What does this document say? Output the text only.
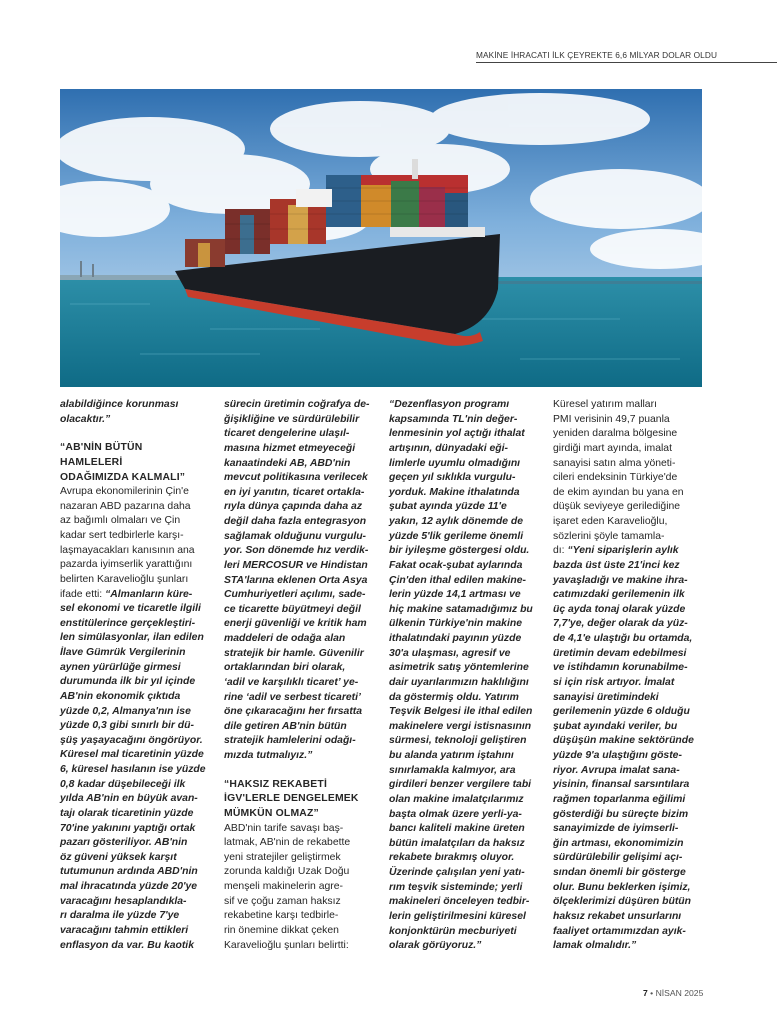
MAKİNE İHRACATI İLK ÇEYREKTE 6,6 MİLYAR DOLAR OLDU

alabildiğince korunması
olacaktır.”

“AB'NİN BÜTÜN
HAMLELERİ
ODAĞIMIZDA KALMALI”

Avrupa ekonomilerinin Çin'e
nazaran ABD pazarına daha
az bağımlı olmaları ve Çin
kadar sert tedbirlerle karşı-
laşmayacakları kanısının ana
pazarda iyimserlik yarattığını
belirten Karavelioğlu şunları
ifade etti: “Almanların küre-
sel ekonomi ve ticaretle ilgili
enstitülerince gerçekleştiri-
len simülasyonlar, ilan edilen
İlave Gümrük Vergilerinin
aynen yürürlüğe girmesi
durumunda ilk bir yıl içinde
AB'nin ekonomik çıktıda
yüzde 0,2, Almanya'nın ise
yüzde 0,3 gibi sınırlı bir dü-
şüş yaşayacağını öngörüyor.
Küresel mal ticaretinin yüzde
6, küresel hasılanın ise yüzde
0,8 kadar düşebileceği ilk
yılda AB'nin en büyük avan-
tajı olarak ticaretinin yüzde
70'ine yakınını yaptığı ortak
pazarı gösteriliyor. AB'nin
öz güveni yüksek karşıt
tutumunun ardında ABD'nin
mal ihracatında yüzde 20'ye
varacağını hesaplandıkla-
rı daralma ile yüzde 7'ye
varacağını tahmin ettikleri
enflasyon da var. Bu kaotik

sürecin üretimin coğrafya de-
ğişikliğine ve sürdürülebilir
ticaret dengelerine ulaşıl-
masına hizmet etmeyeceği
kanaatindeki AB, ABD'nin
mevcut politikasına verilecek
en iyi yanıtın, ticaret ortakla-
rıyla dünya çapında daha az
değil daha fazla entegrasyon
sağlamak olduğunu vurgulu-
yor. Son dönemde hız verdik-
leri MERCOSUR ve Hindistan
STA'larına eklenen Orta Asya
Cumhuriyetleri açılımı, sade-
ce ticarette büyütmeyi değil
enerji güvenliği ve kritik ham
maddeleri de odağa alan
stratejik bir hamle. Güvenilir
ortaklarından biri olarak,
‘adil ve karşılıklı ticaret’ ye-
rine ‘adil ve serbest ticareti’
öne çıkaracağını her fırsatta
dile getiren AB'nin bütün
stratejik hamlelerini odağı-
mızda tutmalıyız.”

“HAKSIZ REKABETİ
İGV'LERLE DENGELEMEK
MÜMKÜN OLMAZ”

ABD'nin tarife savaşı baş-
latmak, AB'nin de rekabette
yeni stratejiler geliştirmek
zorunda kaldığı Uzak Doğu
menşeli makinelerin agre-
sif ve çoğu zaman haksız
rekabetine karşı tedbirle-
rin önemine dikkat çeken
Karavelioğlu şunları belirtti:

“Dezenflasyon programı
kapsamında TL'nin değer-
lenmesinin yol açtığı ithalat
artışının, dünyadaki eği-
limlerle uyumlu olmadığını
geçen yıl sıklıkla vurgulu-
yorduk. Makine ithalatında
şubat ayında yüzde 11'e
yakın, 12 aylık dönemde de
yüzde 5'lik gerileme önemli
bir iyileşme göstergesi oldu.
Fakat ocak-şubat aylarında
Çin'den ithal edilen makine-
lerin yüzde 14,1 artması ve
hiç makine satamadığımız bu
ülkenin Türkiye'nin makine
ithalatındaki payının yüzde
30'a ulaşması, agresif ve
asimetrik satış yöntemlerine
dair uyarılarımızın haklılığını
da göstermiş oldu. Yatırım
Teşvik Belgesi ile ithal edilen
makinelere vergi istisnasının
sürmesi, teknoloji geliştiren
bu alanda yatırım iştahını
sınırlamakla kalmıyor, ara
girdileri benzer vergilere tabi
olan makine imalatçılarımız
başta olmak üzere yerli-ya-
bancı kaliteli makine üreten
bütün imalatçıları da haksız
rekabete bırakmış oluyor.
Üzerinde çalışılan yeni yatı-
rım teşvik sisteminde; yerli
makineleri önceleyen tedbir-
lerin geliştirilmesini küresel
konjonktürün mecburiyeti
olarak görüyoruz.”

Küresel yatırım malları
PMI verisinin 49,7 puanla
yeniden daralma bölgesine
girdiği mart ayında, imalat
sanayisi satın alma yöneti-
cileri endeksinin Türkiye'de
de ekim ayından bu yana en
düşük seviyeye gerilediğine
işaret eden Karavelioğlu,
sözlerini şöyle tamamla-
dı: “Yeni siparişlerin aylık
bazda üst üste 21'inci kez
yavaşladığı ve makine ihra-
catımızdaki gerilemenin ilk
üç ayda tonaj olarak yüzde
7,7'ye, değer olarak da yüz-
de 4,1'e ulaştığı bu ortamda,
üretimin devam edebilmesi
ve istihdamın korunabilme-
si için risk artıyor. İmalat
sanayisi üretimindeki
gerilemenin yüzde 6 olduğu
şubat ayındaki veriler, bu
düşüşün makine sektöründe
yüzde 9'a ulaştığını göste-
riyor. Avrupa imalat sana-
yisinin, finansal sarsıntılara
rağmen toparlanma eğilimi
gösterdiği bu süreçte bizim
sanayimizde de iyimserli-
ğin artması, ekonomimizin
sürdürülebilir gelişimi açı-
sından önemli bir gösterge
olur. Bunu beklerken işimiz,
ölçeklerimizi düşüren bütün
haksız rekabet unsurlarını
faaliyet ortamımızdan ayık-
lamak olmalıdır.”

7 • NİSAN 2025
